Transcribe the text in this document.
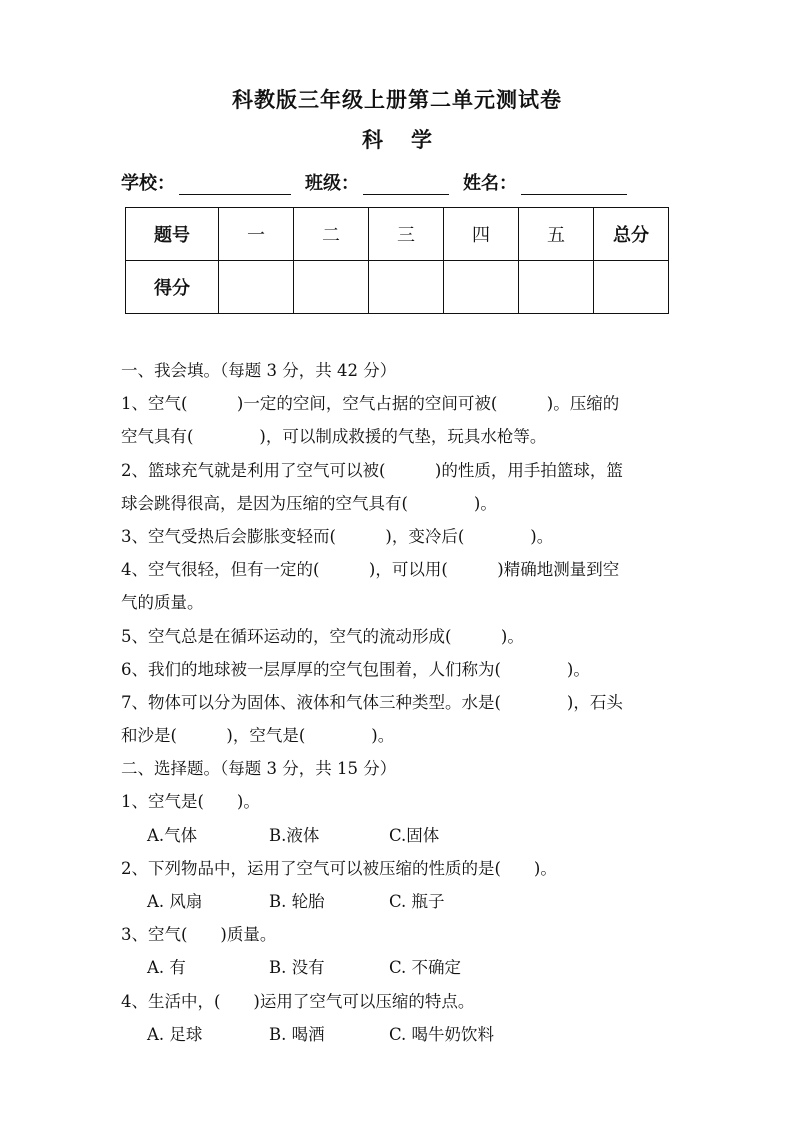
科教版三年级上册第二单元测试卷
科学
学校：	班级：	姓名：
题号	一	二	三	四	五	总分
得分						
一、我会填。（每题 3 分，共 42 分）
1、空气(　　　)一定的空间，空气占据的空间可被(　　　)。压缩的
空气具有(　　　　)，可以制成救援的气垫，玩具水枪等。
2、篮球充气就是利用了空气可以被(　　　)的性质，用手拍篮球，篮
球会跳得很高，是因为压缩的空气具有(　　　　)。
3、空气受热后会膨胀变轻而(　　　)，变冷后(　　　　)。
4、空气很轻，但有一定的(　　　)，可以用(　　　)精确地测量到空
气的质量。
5、空气总是在循环运动的，空气的流动形成(　　　)。
6、我们的地球被一层厚厚的空气包围着，人们称为(　　　　)。
7、物体可以分为固体、液体和气体三种类型。水是(　　　　)，石头
和沙是(　　　)，空气是(　　　　)。
二、选择题。（每题 3 分，共 15 分）
1、空气是(　　)。
A.气体	B.液体	C.固体
2、下列物品中，运用了空气可以被压缩的性质的是(　　)。
A. 风扇	B. 轮胎	C. 瓶子
3、空气(　　)质量。
A. 有	B. 没有	C. 不确定
4、生活中，(　　)运用了空气可以压缩的特点。
A. 足球	B. 喝酒	C. 喝牛奶饮料
